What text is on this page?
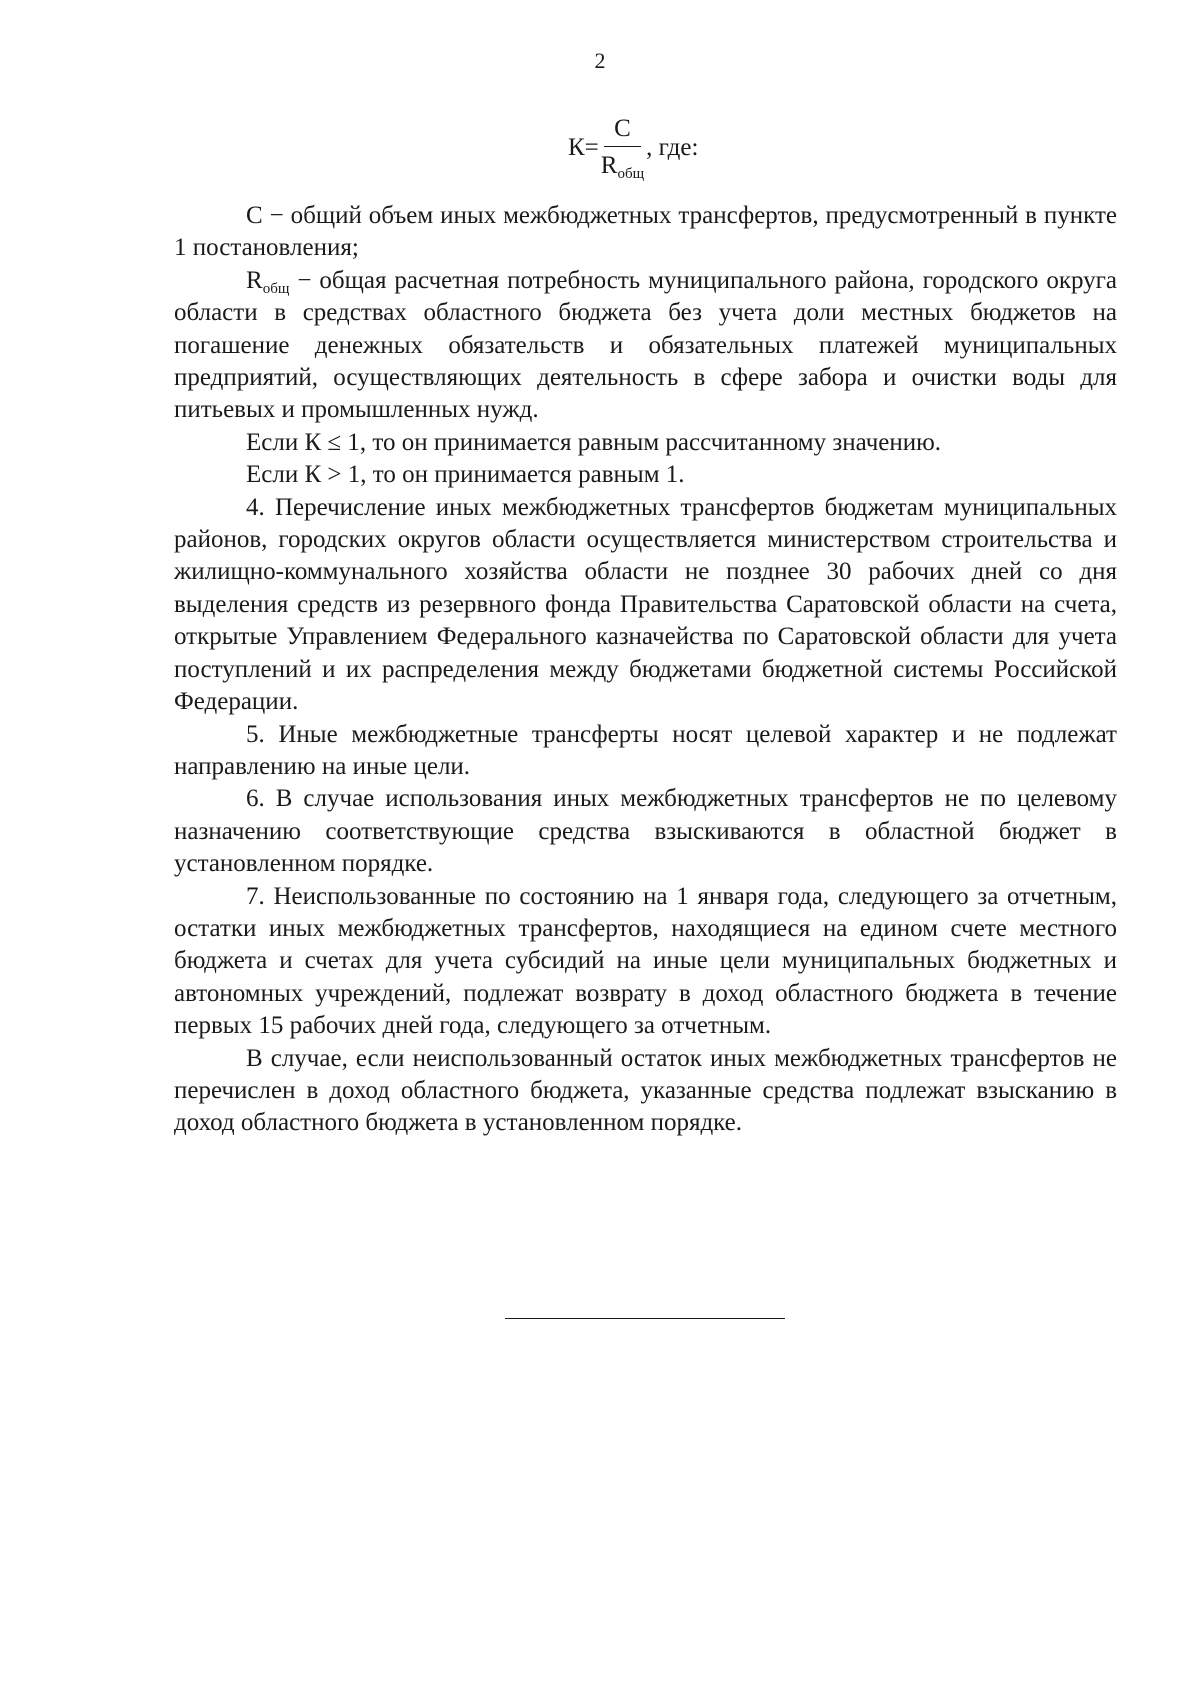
2
$К= \frac{С}{R_{общ}}$ , где:

С − общий объем иных межбюджетных трансфертов, предусмотренный в пункте 1 постановления;

$R_{общ}$ − общая расчетная потребность муниципального района, городского округа области в средствах областного бюджета без учета доли местных бюджетов на погашение денежных обязательств и обязательных платежей муниципальных предприятий, осуществляющих деятельность в сфере забора и очистки воды для питьевых и промышленных нужд.

Если К ≤ 1, то он принимается равным рассчитанному значению.

Если К > 1, то он принимается равным 1.

4. Перечисление иных межбюджетных трансфертов бюджетам муниципальных районов, городских округов области осуществляется министерством строительства и жилищно-коммунального хозяйства области не позднее 30 рабочих дней со дня выделения средств из резервного фонда Правительства Саратовской области на счета, открытые Управлением Федерального казначейства по Саратовской области для учета поступлений и их распределения между бюджетами бюджетной системы Российской Федерации.

5. Иные межбюджетные трансферты носят целевой характер и не подлежат направлению на иные цели.

6. В случае использования иных межбюджетных трансфертов не по целевому назначению соответствующие средства взыскиваются в областной бюджет в установленном порядке.

7. Неиспользованные по состоянию на 1 января года, следующего за отчетным, остатки иных межбюджетных трансфертов, находящиеся на едином счете местного бюджета и счетах для учета субсидий на иные цели муниципальных бюджетных и автономных учреждений, подлежат возврату в доход областного бюджета в течение первых 15 рабочих дней года, следующего за отчетным.

В случае, если неиспользованный остаток иных межбюджетных трансфертов не перечислен в доход областного бюджета, указанные средства подлежат взысканию в доход областного бюджета в установленном порядке.
